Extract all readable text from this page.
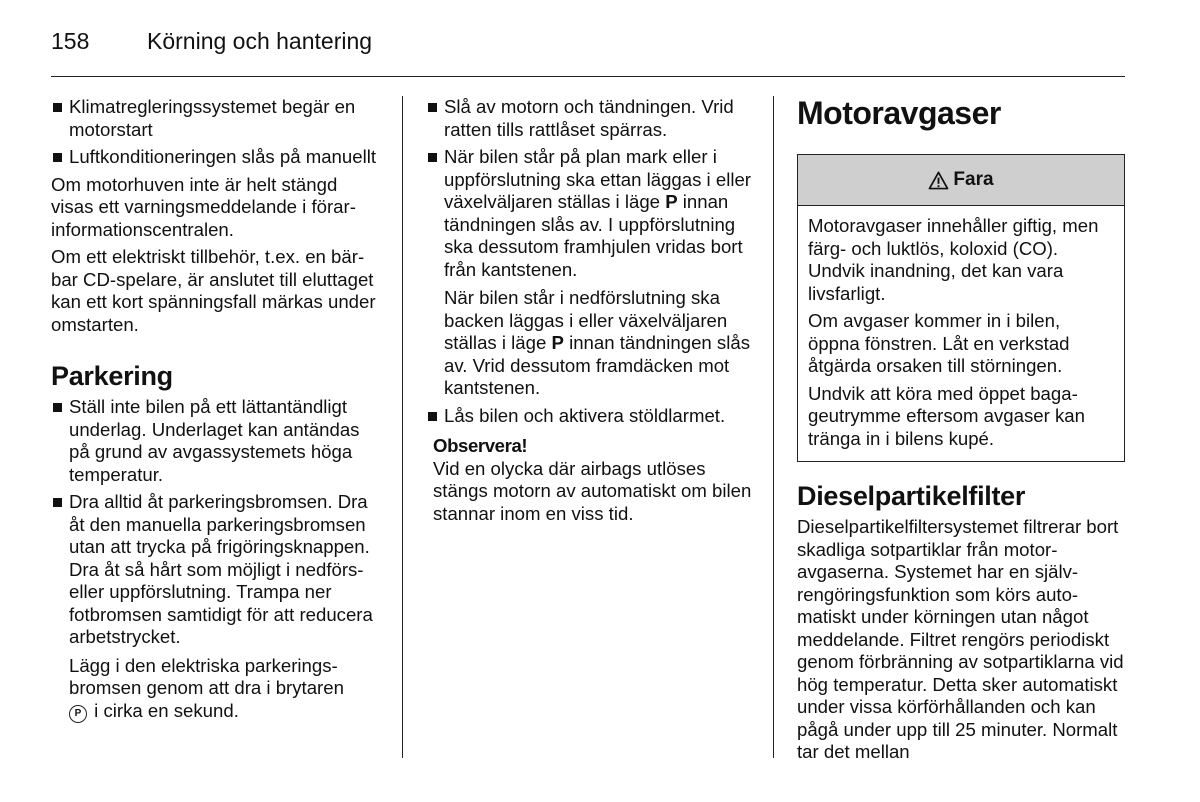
158	Körning och hantering
Klimatregleringssystemet begär en motorstart
Luftkonditioneringen slås på manuellt

Om motorhuven inte är helt stängd visas ett varningsmeddelande i förarinformationscentralen.

Om ett elektriskt tillbehör, t.ex. en bärbar CD-spelare, är anslutet till eluttaget kan ett kort spänningsfall märkas under omstarten.

Parkering
Ställ inte bilen på ett lättantändligt underlag. Underlaget kan antändas på grund av avgassystemets höga temperatur.
Dra alltid åt parkeringsbromsen. Dra åt den manuella parkeringsbromsen utan att trycka på frigöringsknappen. Dra åt så hårt som möjligt i nedförs- eller uppförslutning. Trampa ner fotbromsen samtidigt för att reducera arbetstrycket.
Lägg i den elektriska parkeringsbromsen genom att dra i brytaren
P i cirka en sekund.
Slå av motorn och tändningen. Vrid ratten tills rattlåset spärras.
När bilen står på plan mark eller i uppförslutning ska ettan läggas i eller växelväljaren ställas i läge P innan tändningen slås av. I uppförslutning ska dessutom framhjulen vridas bort från kantstenen.
När bilen står i nedförslutning ska backen läggas i eller växelväljaren ställas i läge P innan tändningen slås av. Vrid dessutom framdäcken mot kantstenen.
Lås bilen och aktivera stöldlarmet.
Observera!
Vid en olycka där airbags utlöses stängs motorn av automatiskt om bilen stannar inom en viss tid.
Motoravgaser
Fara

Motoravgaser innehåller giftig, men färg- och luktlös, koloxid (CO). Undvik inandning, det kan vara livsfarligt.

Om avgaser kommer in i bilen, öppna fönstren. Låt en verkstad åtgärda orsaken till störningen.

Undvik att köra med öppet bagageutrymme eftersom avgaser kan tränga in i bilens kupé.

Dieselpartikelfilter

Dieselpartikelfiltersystemet filtrerar bort skadliga sotpartiklar från motoravgaserna. Systemet har en självrengöringsfunktion som körs automatiskt under körningen utan något meddelande. Filtret rengörs periodiskt genom förbränning av sotpartiklarna vid hög temperatur. Detta sker automatiskt under vissa körförhållanden och kan pågå under upp till 25 minuter. Normalt tar det mellan
